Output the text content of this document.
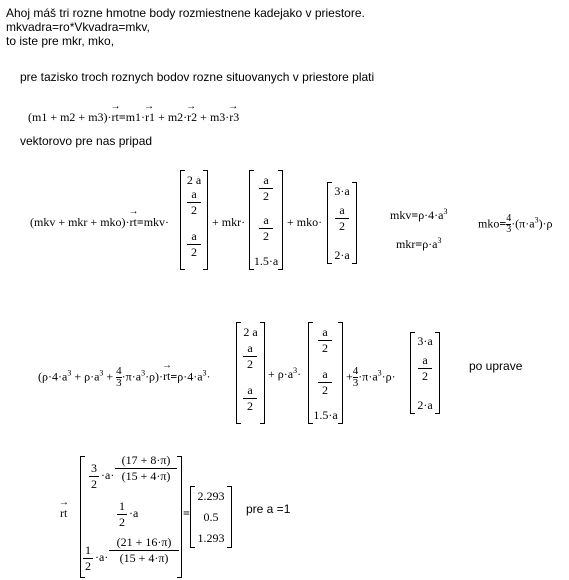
Ahoj máš tri rozne hmotne body rozmiestnene kadejako v priestore.
mkvadra=ro*Vkvadra=mkv,
to iste pre mkr, mko,
pre tazisko troch roznych bodov rozne situovanych v priestore plati
(m1 + m2 + m3)·→ rt=m1·→ r1 + m2·→ r2 + m3·→ r3
vektorovo pre nas pripad
(mkv + mkr + mko)·→ rt=mkv·
2 a
a
2
a
2
+ mkr·
a
2
a
2
1.5·a
+ mko·
3·a
a
2
2·a
$mkv=\rho\cdot 4\cdot a^3$
$mkr=\rho\cdot a^3$
$mko= \frac{4}{3} \cdot(\pi\cdot a^3)\cdot\rho$
$(\rho\cdot 4\cdot a^3 + \rho\cdot a^3 + \frac{4}{3} \cdot\pi\cdot a^3\cdot\rho)\cdot\to rt=\rho\cdot 4\cdot a^3\cdot$
2 a
a
2
a
2
+ $\rho\cdot a^3\cdot$
a
2
a
2
1.5·a
+ $\frac{4}{3} \cdot\pi\cdot a^3\cdot\rho\cdot$
3·a
a
2
2·a
po uprave
→ rt
3
2
·a·
(17 + 8·π)
(15 + 4·π)
1
2
·a
1
2
·a·
(21 + 16·π)
(15 + 4·π)
=
2.293
0.5
1.293
pre a =1
